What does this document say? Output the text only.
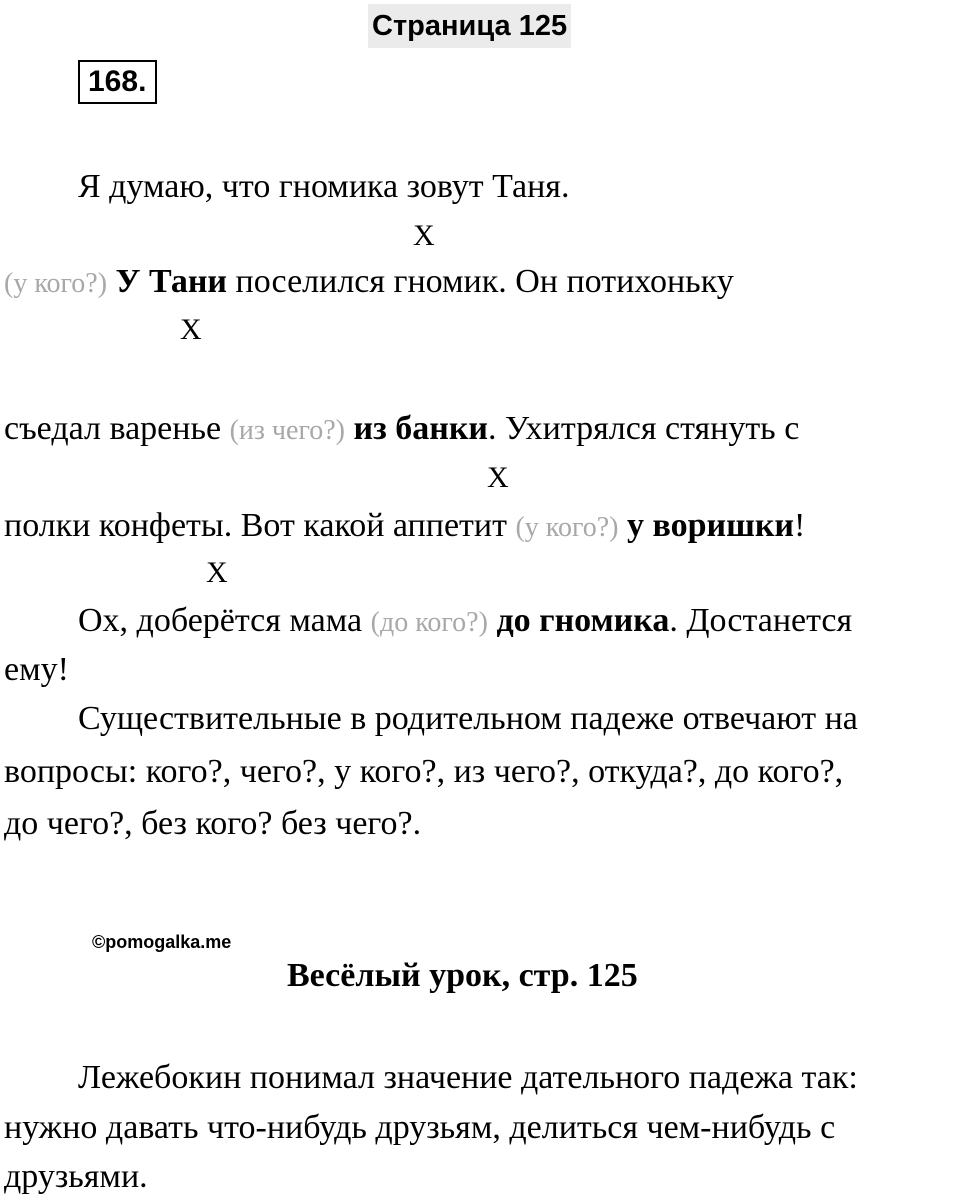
Страница 125
168.
Я думаю, что гномика зовут Таня.
X
(у кого?) У Тани поселился гномик. Он потихоньку
X
съедал варенье (из чего?) из банки. Ухитрялся стянуть с
X
полки конфеты. Вот какой аппетит (у кого?) у воришки!
X
Ох, доберётся мама (до кого?) до гномика. Достанется
ему!
Существительные в родительном падеже отвечают на
вопросы: кого?, чего?, у кого?, из чего?, откуда?, до кого?,
до чего?, без кого? без чего?.
©pomogalka.me
Весёлый урок, стр. 125
Лежебокин понимал значение дательного падежа так:
нужно давать что-нибудь друзьям, делиться чем-нибудь с
друзьями.
